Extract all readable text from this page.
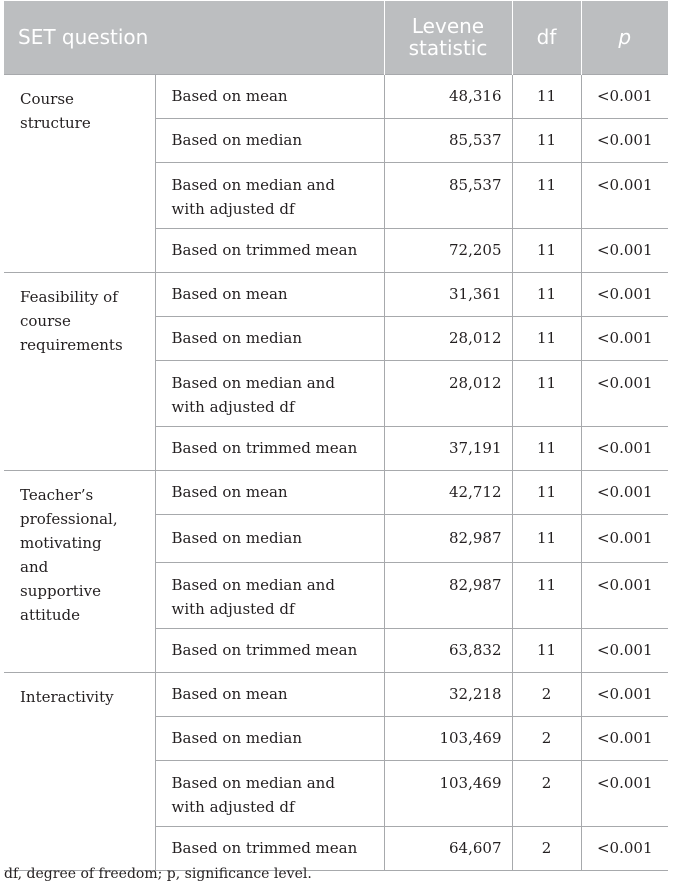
SET question		Levene
statistic	df	p
Course
structure	Based on mean	48,316	11	<0.001
	Based on median	85,537	11	<0.001
	Based on median and
with adjusted df	85,537	11	<0.001
	Based on trimmed mean	72,205	11	<0.001
Feasibility of
course
requirements	Based on mean	31,361	11	<0.001
	Based on median	28,012	11	<0.001
	Based on median and
with adjusted df	28,012	11	<0.001
	Based on trimmed mean	37,191	11	<0.001
Teacher’s
professional,
motivating
and
supportive attitude	Based on mean	42,712	11	<0.001
	Based on median	82,987	11	<0.001
	Based on median and
with adjusted df	82,987	11	<0.001
	Based on trimmed mean	63,832	11	<0.001
Interactivity	Based on mean	32,218	2	<0.001
	Based on median	103,469	2	<0.001
	Based on median and
with adjusted df	103,469	2	<0.001
	Based on trimmed mean	64,607	2	<0.001

df, degree of freedom; p, significance level.
